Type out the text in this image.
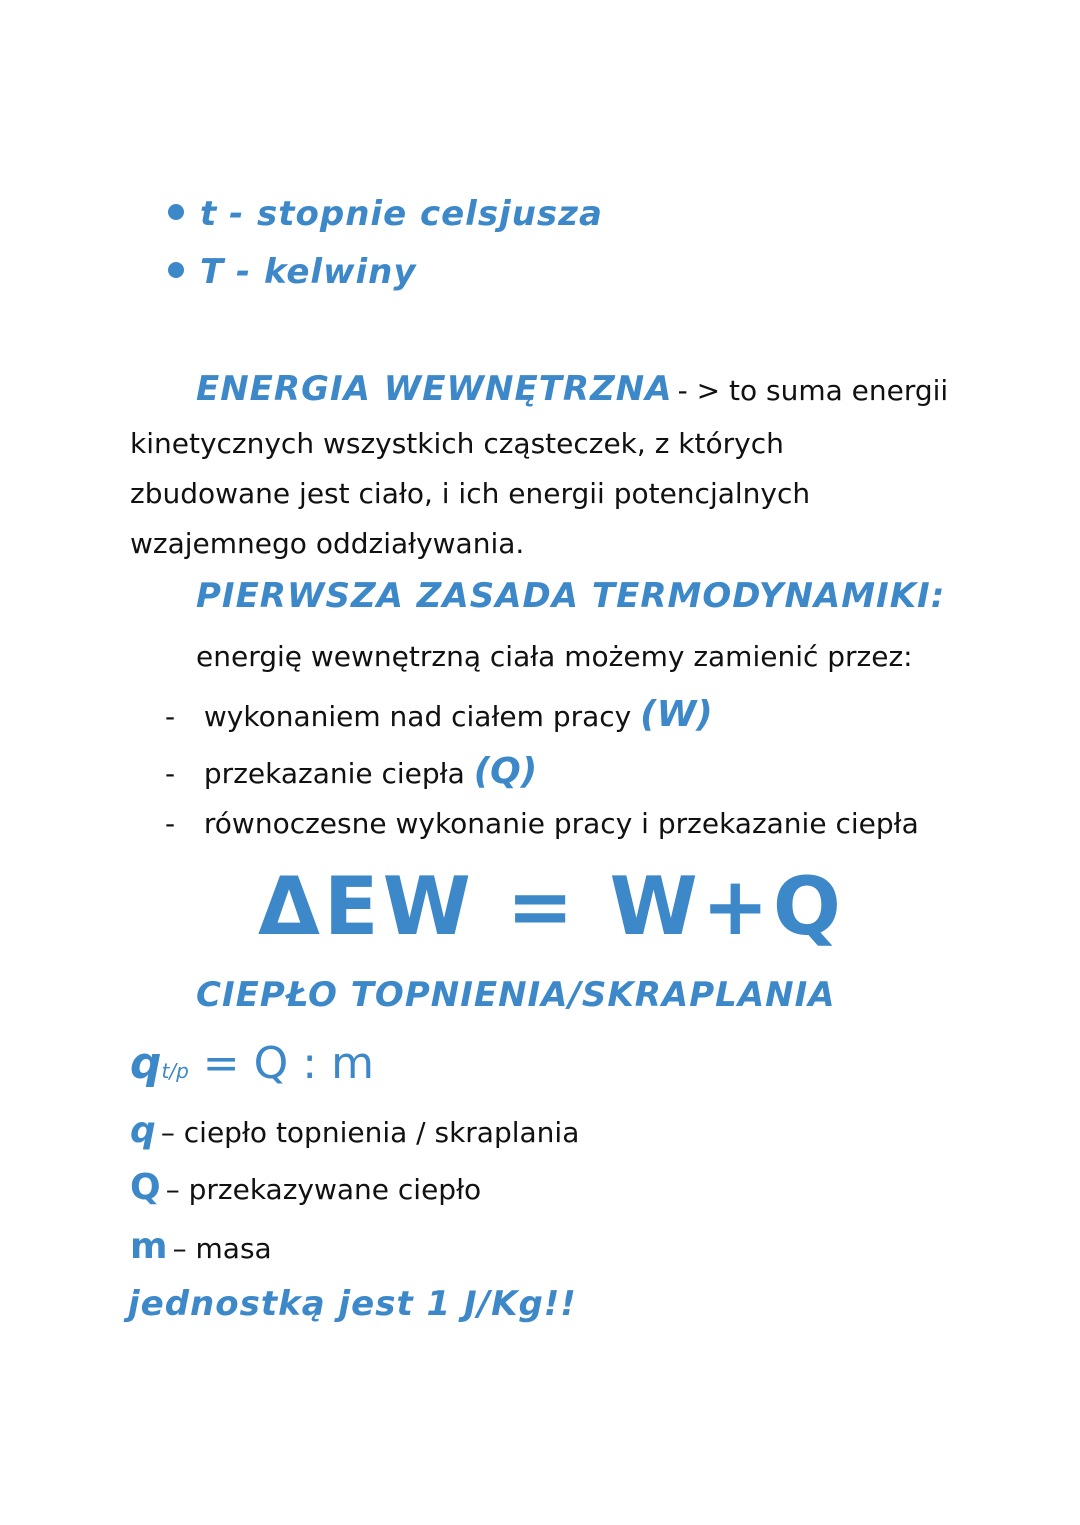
t - stopnie celsjusza
T - kelwiny
ENERGIA WEWNĘTRZNA - > to suma energii
kinetycznych wszystkich cząsteczek, z których
zbudowane jest ciało, i ich energii potencjalnych
wzajemnego oddziaływania.
PIERWSZA ZASADA TERMODYNAMIKI:
energię wewnętrzną ciała możemy zamienić przez:
- wykonaniem nad ciałem pracy (W)
- przekazanie ciepła (Q)
- równoczesne wykonanie pracy i przekazanie ciepła
ΔEW = W+Q
CIEPŁO TOPNIENIA/SKRAPLANIA
qt/p = Q : m
q – ciepło topnienia / skraplania
Q – przekazywane ciepło
m – masa
jednostką jest 1 J/Kg!!
